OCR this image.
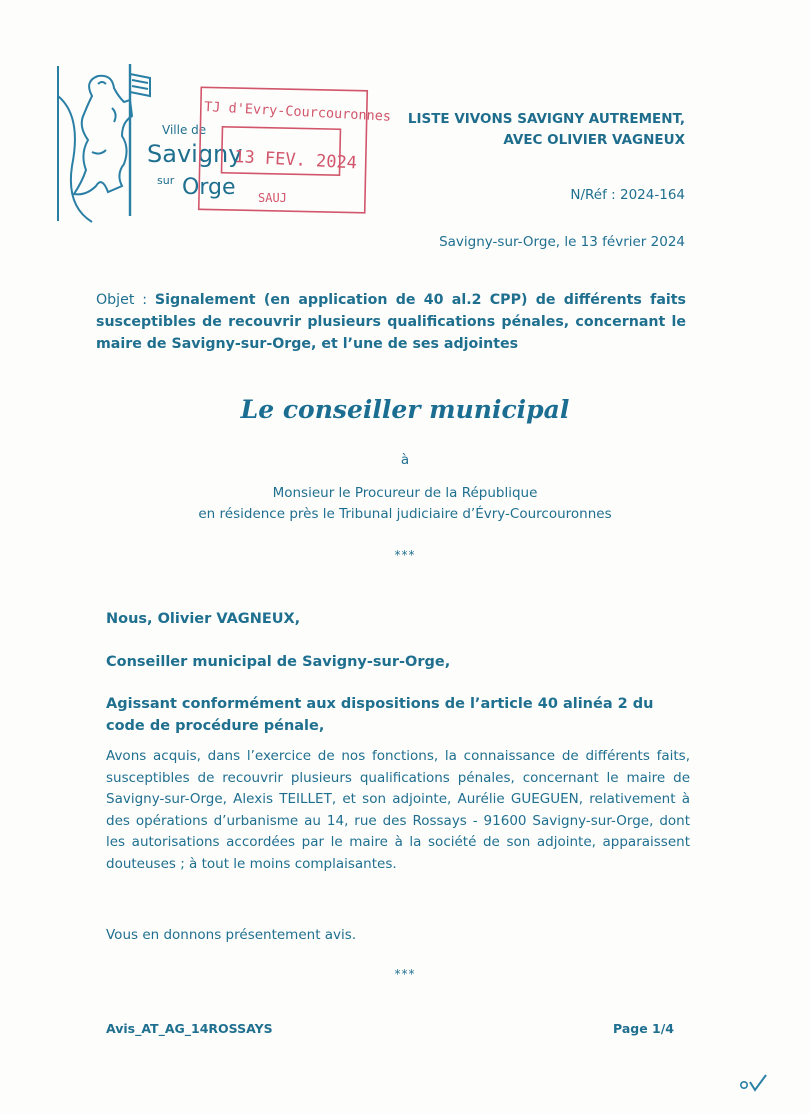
Ville de
Savigny
sur Orge
TJ d'Evry-Courcouronnes
13 FEV. 2024
SAUJ
LISTE VIVONS SAVIGNY AUTREMENT,
AVEC OLIVIER VAGNEUX
N/Réf : 2024-164
Savigny-sur-Orge, le 13 février 2024
Objet : Signalement (en application de 40 al.2 CPP) de différents faits susceptibles de recouvrir plusieurs qualifications pénales, concernant le maire de Savigny-sur-Orge, et l’une de ses adjointes
Le conseiller municipal
à
Monsieur le Procureur de la République
en résidence près le Tribunal judiciaire d’Évry-Courcouronnes
***
Nous, Olivier VAGNEUX,
Conseiller municipal de Savigny-sur-Orge,
Agissant conformément aux dispositions de l’article 40 alinéa 2 du code de procédure pénale,
Avons acquis, dans l’exercice de nos fonctions, la connaissance de différents faits, susceptibles de recouvrir plusieurs qualifications pénales, concernant le maire de Savigny-sur-Orge, Alexis TEILLET, et son adjointe, Aurélie GUEGUEN, relativement à des opérations d’urbanisme au 14, rue des Rossays - 91600 Savigny-sur-Orge, dont les autorisations accordées par le maire à la société de son adjointe, apparaissent douteuses ; à tout le moins complaisantes.
Vous en donnons présentement avis.
***
Avis_AT_AG_14ROSSAYS	Page 1/4
